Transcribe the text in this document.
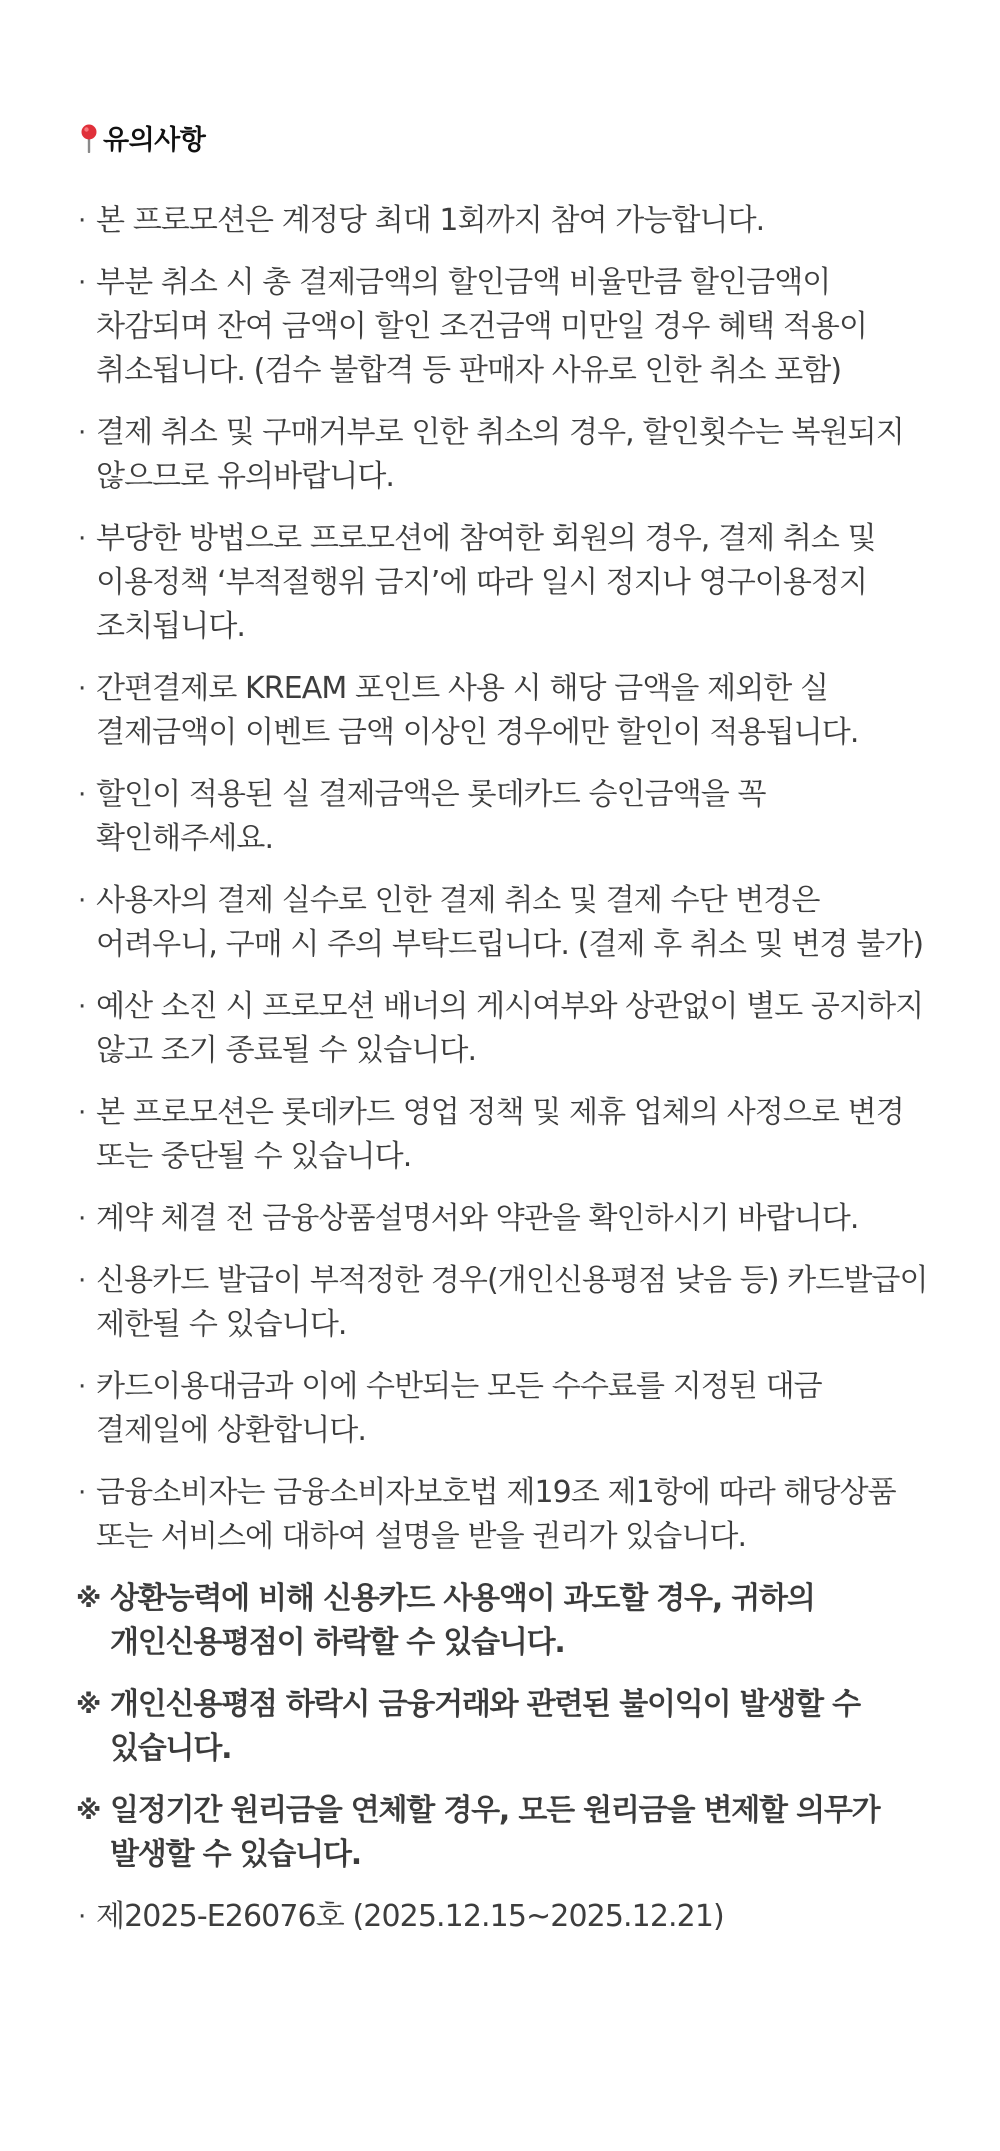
유의사항
· 본 프로모션은 계정당 최대 1회까지 참여 가능합니다.
· 부분 취소 시 총 결제금액의 할인금액 비율만큼 할인금액이 차감되며 잔여 금액이 할인 조건금액 미만일 경우 혜택 적용이 취소됩니다. (검수 불합격 등 판매자 사유로 인한 취소 포함)
· 결제 취소 및 구매거부로 인한 취소의 경우, 할인횟수는 복원되지 않으므로 유의바랍니다.
· 부당한 방법으로 프로모션에 참여한 회원의 경우, 결제 취소 및 이용정책 ‘부적절행위 금지’에 따라 일시 정지나 영구이용정지 조치됩니다.
· 간편결제로 KREAM 포인트 사용 시 해당 금액을 제외한 실 결제금액이 이벤트 금액 이상인 경우에만 할인이 적용됩니다.
· 할인이 적용된 실 결제금액은 롯데카드 승인금액을 꼭 확인해주세요.
· 사용자의 결제 실수로 인한 결제 취소 및 결제 수단 변경은 어려우니, 구매 시 주의 부탁드립니다. (결제 후 취소 및 변경 불가)
· 예산 소진 시 프로모션 배너의 게시여부와 상관없이 별도 공지하지 않고 조기 종료될 수 있습니다.
· 본 프로모션은 롯데카드 영업 정책 및 제휴 업체의 사정으로 변경 또는 중단될 수 있습니다.
· 계약 체결 전 금융상품설명서와 약관을 확인하시기 바랍니다.
· 신용카드 발급이 부적정한 경우(개인신용평점 낮음 등) 카드발급이 제한될 수 있습니다.
· 카드이용대금과 이에 수반되는 모든 수수료를 지정된 대금 결제일에 상환합니다.
· 금융소비자는 금융소비자보호법 제19조 제1항에 따라 해당상품 또는 서비스에 대하여 설명을 받을 권리가 있습니다.
※ 상환능력에 비해 신용카드 사용액이 과도할 경우, 귀하의 개인신용평점이 하락할 수 있습니다.
※ 개인신용평점 하락시 금융거래와 관련된 불이익이 발생할 수 있습니다.
※ 일정기간 원리금을 연체할 경우, 모든 원리금을 변제할 의무가 발생할 수 있습니다.
· 제2025-E26076호 (2025.12.15~2025.12.21)
